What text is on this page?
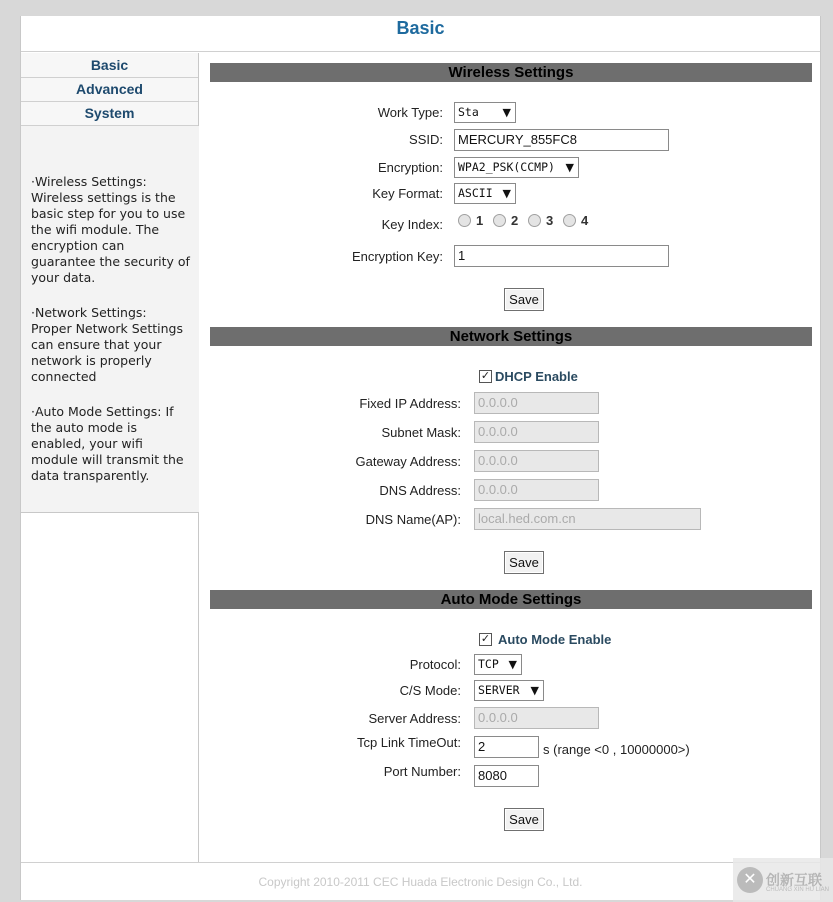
Basic
Basic
Advanced
System

·Wireless Settings: Wireless settings is the basic step for you to use the wifi module. The encryption can guarantee the security of your data.

·Network Settings: Proper Network Settings can ensure that your network is properly connected

·Auto Mode Settings: If the auto mode is enabled, your wifi module will transmit the data transparently.

Wireless Settings
Work Type:	Sta ▼
SSID:	MERCURY_855FC8
Encryption:	WPA2_PSK(CCMP) ▼
Key Format:	ASCII ▼
Key Index:	1 2 3 4
Encryption Key:	1
Save
Network Settings
✓ DHCP Enable
Fixed IP Address:	0.0.0.0
Subnet Mask:	0.0.0.0
Gateway Address:	0.0.0.0
DNS Address:	0.0.0.0
DNS Name(AP):	local.hed.com.cn
Save
Auto Mode Settings
✓ Auto Mode Enable
Protocol:	TCP ▼
C/S Mode:	SERVER ▼
Server Address:	0.0.0.0
Tcp Link TimeOut:	2	s (range <0 , 10000000>)
Port Number:	8080
Save
Copyright 2010-2011 CEC Huada Electronic Design Co., Ltd.	✕ 创新互联
CHUANG XIN HU LIAN
